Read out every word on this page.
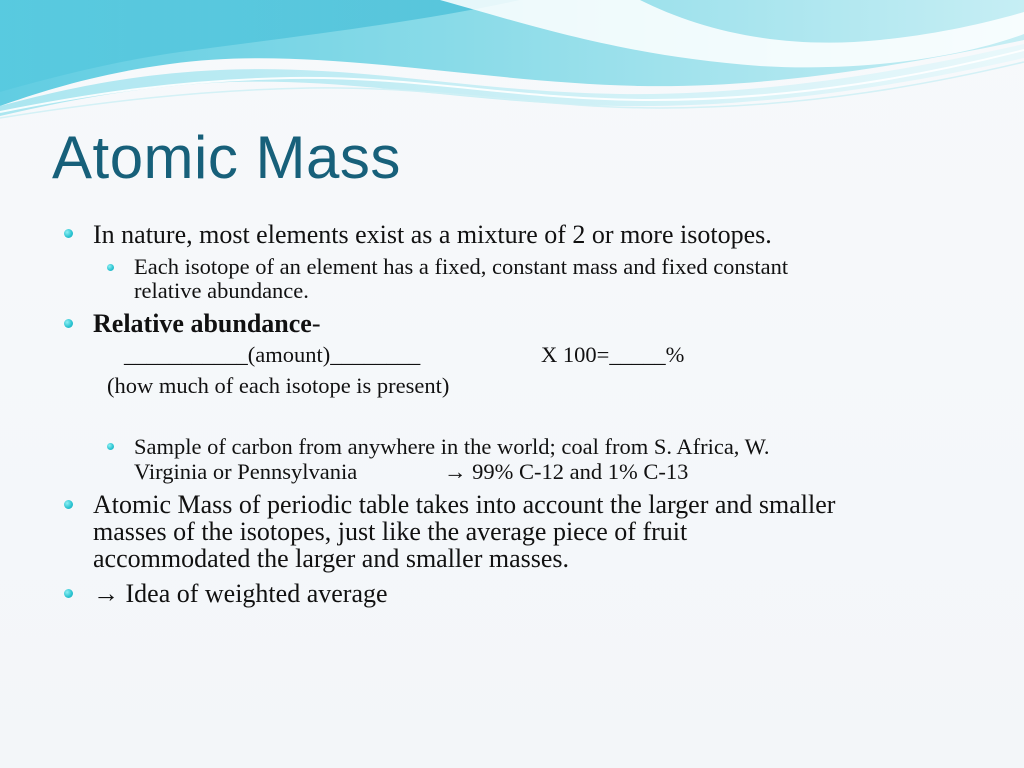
Atomic Mass
In nature, most elements exist as a mixture of 2 or more isotopes.
Each isotope of an element has a fixed, constant mass and fixed constant
relative abundance.
Relative abundance-
___________(amount)________	X 100=_____%
(how much of each isotope is present)
Sample of carbon from anywhere in the world; coal from S. Africa, W.
Virginia or Pennsylvania	→ 99% C-12 and 1% C-13
Atomic Mass of periodic table takes into account the larger and smaller
masses of the isotopes, just like the average piece of fruit
accommodated the larger and smaller masses.
→ Idea of weighted average
